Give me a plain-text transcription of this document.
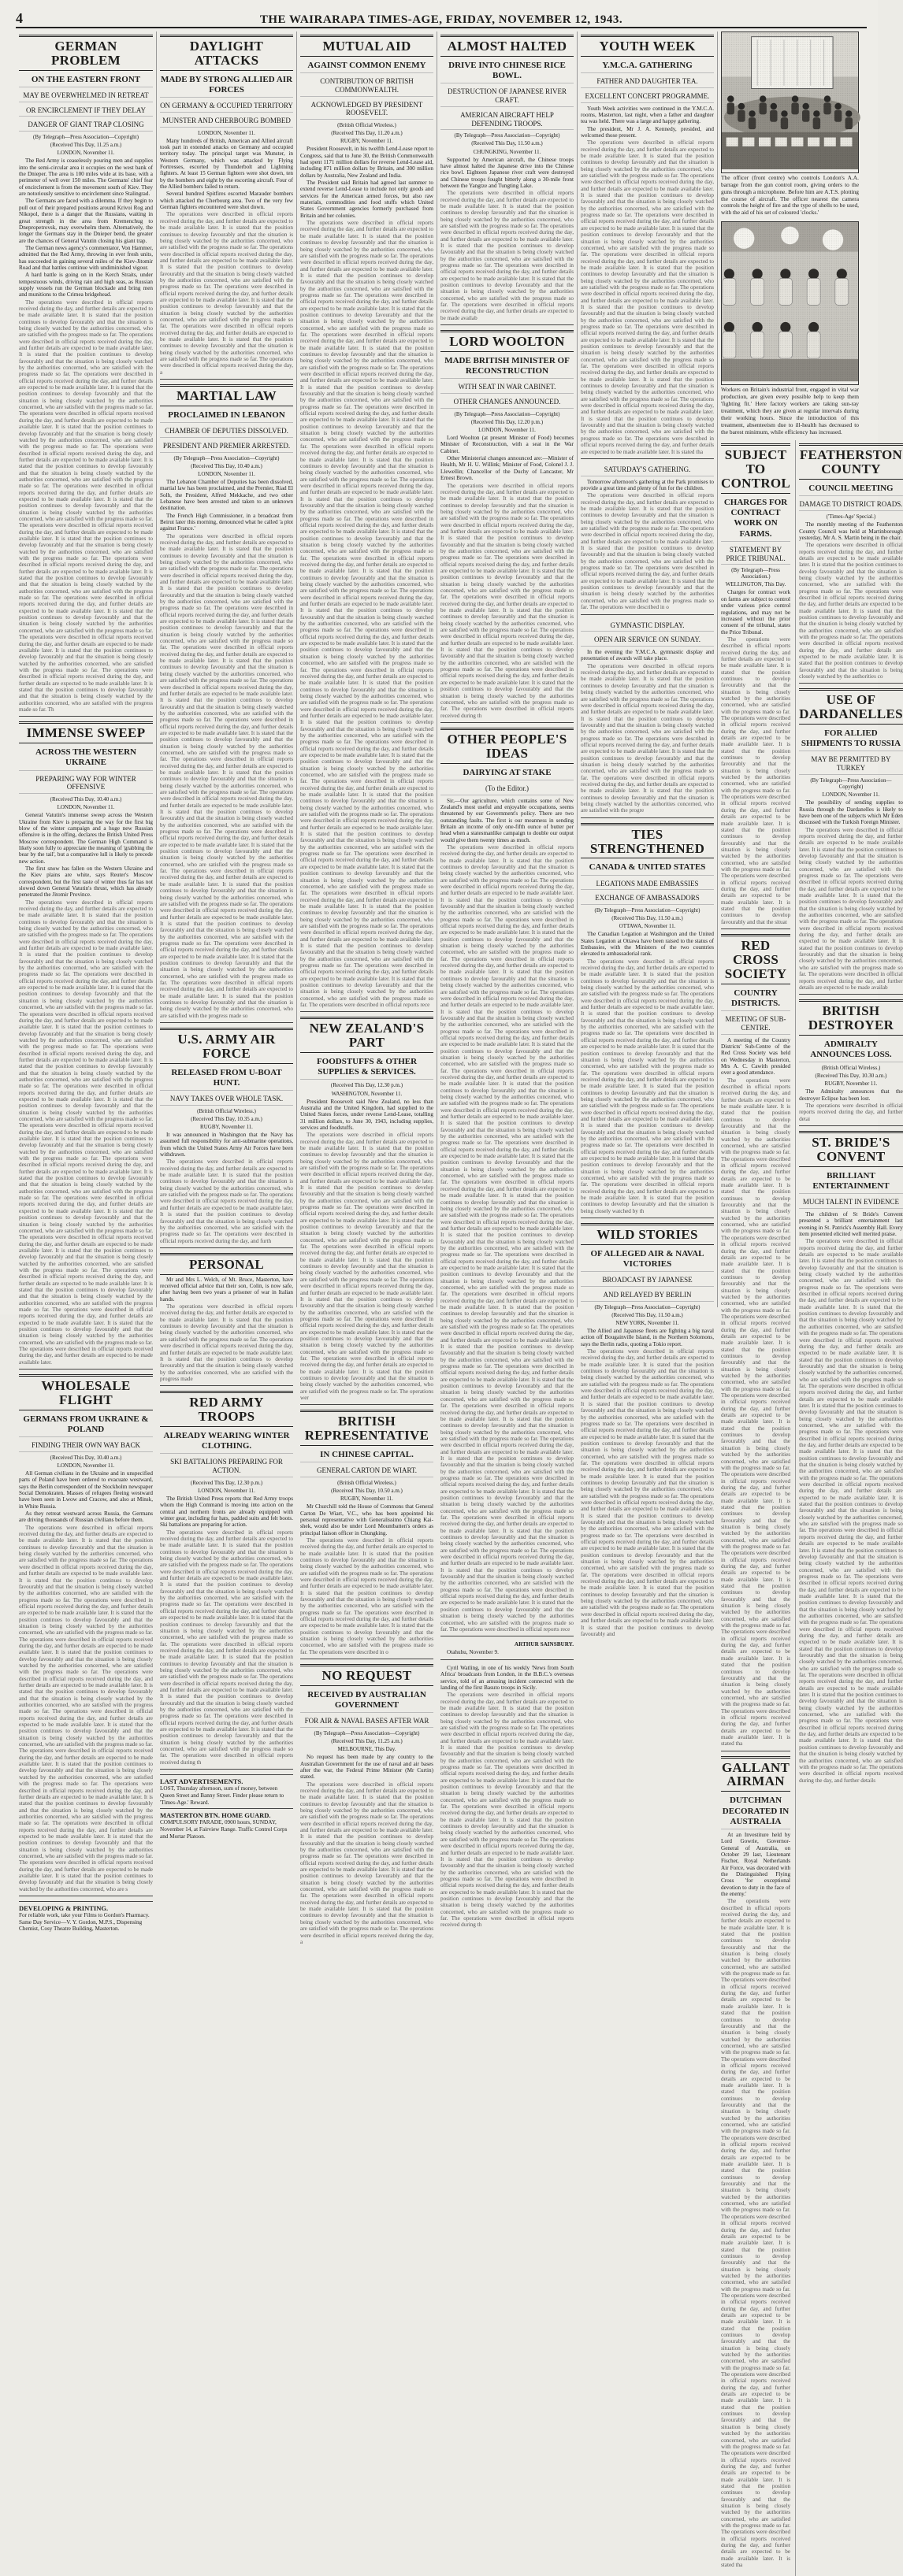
4	THE WAIRARAPA TIMES-AGE, FRIDAY, NOVEMBER 12, 1943.
GERMAN PROBLEM
ON THE EASTERN FRONT
MAY BE OVERWHELMED IN RETREAT
OR ENCIRCLEMENT IF THEY DELAY
DANGER OF GIANT TRAP CLOSING
(By Telegraph—Press Association—Copyright)
(Received This Day, 11.25 a.m.)
LONDON, November 11.

The Red Army is ceaselessly pouring men and supplies into the semi-circular area it occupies on the west bank of the Dnieper. The area is 100 miles wide at its base, with a perimeter of well over 150 miles. The Germans' chief fear of encirclement is from the movement south of Kiev. They are notoriously sensitive to encirclement since Stalingrad.

The Germans are faced with a dilemma. If they begin to pull out of their prepared positions around Krivoi Rog and Nikopol, there is a danger that the Russians, waiting in great strength in the area from Kremenchug to Dnepropetrovsk, may overwhelm them. Alternatively, the longer the Germans stay in the Dnieper bend, the greater are the chances of General Vatutin closing his giant trap.

The German news agency's commentator, Von Hammer, admitted that the Red Army, throwing in ever fresh units, has succeeded in gaining several miles of the Kiev-Jitomir Road and that battles continue with undiminished vigour.

A hard battle is going on in the Kerch Straits, under tempestuous winds, driving rain and high seas, as Russian supply vessels run the German blockade and bring men and munitions to the Crimea bridgehead.

The operations were described in official reports received during the day, and further details are expected to be made available later. It is stated that the position continues to develop favourably and that the situation is being closely watched by the authorities concerned, who are satisfied with the progress made so far. The operations were described in official reports received during the day, and further details are expected to be made available later. It is stated that the position continues to develop favourably and that the situation is being closely watched by the authorities concerned, who are satisfied with the progress made so far. The operations were described in official reports received during the day, and further details are expected to be made available later. It is stated that the position continues to develop favourably and that the situation is being closely watched by the authorities concerned, who are satisfied with the progress made so far. The operations were described in official reports received during the day, and further details are expected to be made available later. It is stated that the position continues to develop favourably and that the situation is being closely watched by the authorities concerned, who are satisfied with the progress made so far. The operations were described in official reports received during the day, and further details are expected to be made available later. It is stated that the position continues to develop favourably and that the situation is being closely watched by the authorities concerned, who are satisfied with the progress made so far. The operations were described in official reports received during the day, and further details are expected to be made available later. It is stated that the position continues to develop favourably and that the situation is being closely watched by the authorities concerned, who are satisfied with the progress made so far. The operations were described in official reports received during the day, and further details are expected to be made available later. It is stated that the position continues to develop favourably and that the situation is being closely watched by the authorities concerned, who are satisfied with the progress made so far. The operations were described in official reports received during the day, and further details are expected to be made available later. It is stated that the position continues to develop favourably and that the situation is being closely watched by the authorities concerned, who are satisfied with the progress made so far. The operations were described in official reports received during the day, and further details are expected to be made available later. It is stated that the position continues to develop favourably and that the situation is being closely watched by the authorities concerned, who are satisfied with the progress made so far. The operations were described in official reports received during the day, and further details are expected to be made available later. It is stated that the position continues to develop favourably and that the situation is being closely watched by the authorities concerned, who are satisfied with the progress made so far. The operations were described in official reports received during the day, and further details are expected to be made available later. It is stated that the position continues to develop favourably and that the situation is being closely watched by the authorities concerned, who are satisfied with the progress made so far. Th
IMMENSE SWEEP
ACROSS THE WESTERN UKRAINE
PREPARING WAY FOR WINTER OFFENSIVE
(Received This Day, 10.40 a.m.)
LONDON, November 11.

General Vatutin's immense sweep across the Western Ukraine from Kiev is preparing the way for the first big blow of the winter campaign and a huge new Russian offensive is in the offing, declares the British United Press Moscow correspondent. The German High Command is likely soon fully to appreciate the meaning of 'grabbing the bear by the tail', but a comparative lull is likely to precede new action.

The first snow has fallen on the Western Ukraine and the Kiev plains are white, says Reuter's Moscow correspondent, but the first taste of winter thus far has not slowed down General Vatutin's thrust, which has already penetrated the Jitomir Province.

The operations were described in official reports received during the day, and further details are expected to be made available later. It is stated that the position continues to develop favourably and that the situation is being closely watched by the authorities concerned, who are satisfied with the progress made so far. The operations were described in official reports received during the day, and further details are expected to be made available later. It is stated that the position continues to develop favourably and that the situation is being closely watched by the authorities concerned, who are satisfied with the progress made so far. The operations were described in official reports received during the day, and further details are expected to be made available later. It is stated that the position continues to develop favourably and that the situation is being closely watched by the authorities concerned, who are satisfied with the progress made so far. The operations were described in official reports received during the day, and further details are expected to be made available later. It is stated that the position continues to develop favourably and that the situation is being closely watched by the authorities concerned, who are satisfied with the progress made so far. The operations were described in official reports received during the day, and further details are expected to be made available later. It is stated that the position continues to develop favourably and that the situation is being closely watched by the authorities concerned, who are satisfied with the progress made so far. The operations were described in official reports received during the day, and further details are expected to be made available later. It is stated that the position continues to develop favourably and that the situation is being closely watched by the authorities concerned, who are satisfied with the progress made so far. The operations were described in official reports received during the day, and further details are expected to be made available later. It is stated that the position continues to develop favourably and that the situation is being closely watched by the authorities concerned, who are satisfied with the progress made so far. The operations were described in official reports received during the day, and further details are expected to be made available later. It is stated that the position continues to develop favourably and that the situation is being closely watched by the authorities concerned, who are satisfied with the progress made so far. The operations were described in official reports received during the day, and further details are expected to be made available later. It is stated that the position continues to develop favourably and that the situation is being closely watched by the authorities concerned, who are satisfied with the progress made so far. The operations were described in official reports received during the day, and further details are expected to be made available later. It is stated that the position continues to develop favourably and that the situation is being closely watched by the authorities concerned, who are satisfied with the progress made so far. The operations were described in official reports received during the day, and further details are expected to be made available later. It is stated that the position continues to develop favourably and that the situation is being closely watched by the authorities concerned, who are satisfied with the progress made so far. The operations were described in official reports received during the day, and further details are expected to be made available later. It is stated that the position continues to develop favourably and that the situation is being closely watched by the authorities concerned, who are satisfied with the progress made so far. The operations were described in official reports received during the day, and further details are expected to be made available later.
WHOLESALE FLIGHT
GERMANS FROM UKRAINE & POLAND
FINDING THEIR OWN WAY BACK
(Received This Day, 10.40 a.m.)
LONDON, November 11.

All German civilians in the Ukraine and in unspecified parts of Poland have been ordered to evacuate westward, says the Berlin correspondent of the Stockholm newspaper Social Demokraten. Masses of refugees fleeing westward have been seen in Lwow and Cracow, and also at Minsk, in White Russia.

As they retreat westward across Russia, the Germans are driving thousands of Russian civilians before them.

The operations were described in official reports received during the day, and further details are expected to be made available later. It is stated that the position continues to develop favourably and that the situation is being closely watched by the authorities concerned, who are satisfied with the progress made so far. The operations were described in official reports received during the day, and further details are expected to be made available later. It is stated that the position continues to develop favourably and that the situation is being closely watched by the authorities concerned, who are satisfied with the progress made so far. The operations were described in official reports received during the day, and further details are expected to be made available later. It is stated that the position continues to develop favourably and that the situation is being closely watched by the authorities concerned, who are satisfied with the progress made so far. The operations were described in official reports received during the day, and further details are expected to be made available later. It is stated that the position continues to develop favourably and that the situation is being closely watched by the authorities concerned, who are satisfied with the progress made so far. The operations were described in official reports received during the day, and further details are expected to be made available later. It is stated that the position continues to develop favourably and that the situation is being closely watched by the authorities concerned, who are satisfied with the progress made so far. The operations were described in official reports received during the day, and further details are expected to be made available later. It is stated that the position continues to develop favourably and that the situation is being closely watched by the authorities concerned, who are satisfied with the progress made so far. The operations were described in official reports received during the day, and further details are expected to be made available later. It is stated that the position continues to develop favourably and that the situation is being closely watched by the authorities concerned, who are satisfied with the progress made so far. The operations were described in official reports received during the day, and further details are expected to be made available later. It is stated that the position continues to develop favourably and that the situation is being closely watched by the authorities concerned, who are satisfied with the progress made so far. The operations were described in official reports received during the day, and further details are expected to be made available later. It is stated that the position continues to develop favourably and that the situation is being closely watched by the authorities concerned, who are satisfied with the progress made so far. The operations were described in official reports received during the day, and further details are expected to be made available later. It is stated that the position continues to develop favourably and that the situation is being closely watched by the authorities concerned, who are s
DEVELOPING & PRINTING.
For reliable work, take your Films to Gordon's Pharmacy. Same Day Service—V. Y. Gordon, M.P.S., Dispensing Chemist, Cosy Theatre Building, Masterton.
DAYLIGHT ATTACKS
MADE BY STRONG ALLIED AIR FORCES
ON GERMANY & OCCUPIED TERRITORY
MUNSTER AND CHERBOURG BOMBED
LONDON, November 11.

Many hundreds of British, American and Allied aircraft took part in extended attacks on Germany and occupied territory today. The principal target was Munster, in Western Germany, which was attacked by Flying Fortresses, escorted by Thunderbolt and Lightning fighters. At least 15 German fighters were shot down, ten by the bombers and eight by the escorting aircraft. Four of the Allied bombers failed to return.

Several hundred Spitfires escorted Marauder bombers which attacked the Cherbourg area. Two of the very few German fighters encountered were shot down.

The operations were described in official reports received during the day, and further details are expected to be made available later. It is stated that the position continues to develop favourably and that the situation is being closely watched by the authorities concerned, who are satisfied with the progress made so far. The operations were described in official reports received during the day, and further details are expected to be made available later. It is stated that the position continues to develop favourably and that the situation is being closely watched by the authorities concerned, who are satisfied with the progress made so far. The operations were described in official reports received during the day, and further details are expected to be made available later. It is stated that the position continues to develop favourably and that the situation is being closely watched by the authorities concerned, who are satisfied with the progress made so far. The operations were described in official reports received during the day, and further details are expected to be made available later. It is stated that the position continues to develop favourably and that the situation is being closely watched by the authorities concerned, who are satisfied with the progress made so far. The operations were described in official reports received during the day, a
MARTIAL LAW
PROCLAIMED IN LEBANON
CHAMBER OF DEPUTIES DISSOLVED.
PRESIDENT AND PREMIER ARRESTED.
(By Telegraph—Press Association—Copyright)
(Received This Day, 10.40 a.m.)
LONDON, November 11.

The Lebanon Chamber of Deputies has been dissolved, martial law has been proclaimed, and the Premier, Riad El Solh, the President, Alfred Mekkache, and two other Lebanese have been arrested and taken to an unknown destination.

The French High Commissioner, in a broadcast from Beirut later this morning, denounced what he called 'a plot against France.'

The operations were described in official reports received during the day, and further details are expected to be made available later. It is stated that the position continues to develop favourably and that the situation is being closely watched by the authorities concerned, who are satisfied with the progress made so far. The operations were described in official reports received during the day, and further details are expected to be made available later. It is stated that the position continues to develop favourably and that the situation is being closely watched by the authorities concerned, who are satisfied with the progress made so far. The operations were described in official reports received during the day, and further details are expected to be made available later. It is stated that the position continues to develop favourably and that the situation is being closely watched by the authorities concerned, who are satisfied with the progress made so far. The operations were described in official reports received during the day, and further details are expected to be made available later. It is stated that the position continues to develop favourably and that the situation is being closely watched by the authorities concerned, who are satisfied with the progress made so far. The operations were described in official reports received during the day, and further details are expected to be made available later. It is stated that the position continues to develop favourably and that the situation is being closely watched by the authorities concerned, who are satisfied with the progress made so far. The operations were described in official reports received during the day, and further details are expected to be made available later. It is stated that the position continues to develop favourably and that the situation is being closely watched by the authorities concerned, who are satisfied with the progress made so far. The operations were described in official reports received during the day, and further details are expected to be made available later. It is stated that the position continues to develop favourably and that the situation is being closely watched by the authorities concerned, who are satisfied with the progress made so far. The operations were described in official reports received during the day, and further details are expected to be made available later. It is stated that the position continues to develop favourably and that the situation is being closely watched by the authorities concerned, who are satisfied with the progress made so far. The operations were described in official reports received during the day, and further details are expected to be made available later. It is stated that the position continues to develop favourably and that the situation is being closely watched by the authorities concerned, who are satisfied with the progress made so far. The operations were described in official reports received during the day, and further details are expected to be made available later. It is stated that the position continues to develop favourably and that the situation is being closely watched by the authorities concerned, who are satisfied with the progress made so far. The operations were described in official reports received during the day, and further details are expected to be made available later. It is stated that the position continues to develop favourably and that the situation is being closely watched by the authorities concerned, who are satisfied with the progress made so far. The operations were described in official reports received during the day, and further details are expected to be made available later. It is stated that the position continues to develop favourably and that the situation is being closely watched by the authorities concerned, who are satisfied with the progress made so far. The operations were described in official reports received during the day, and further details are expected to be made available later. It is stated that the position continues to develop favourably and that the situation is being closely watched by the authorities concerned, who are satisfied with the progress made so
U.S. ARMY AIR FORCE
RELEASED FROM U-BOAT HUNT.
NAVY TAKES OVER WHOLE TASK.
(British Official Wireless.)
(Received This Day, 10.35 a.m.)
RUGBY, November 11.

It was announced in Washington that the Navy has assumed full responsibility for anti-submarine operations, from which the United States Army Air Forces have been withdrawn.

The operations were described in official reports received during the day, and further details are expected to be made available later. It is stated that the position continues to develop favourably and that the situation is being closely watched by the authorities concerned, who are satisfied with the progress made so far. The operations were described in official reports received during the day, and further details are expected to be made available later. It is stated that the position continues to develop favourably and that the situation is being closely watched by the authorities concerned, who are satisfied with the progress made so far. The operations were described in official reports received during the day, and furth
PERSONAL

Mr and Mrs L. Welch, of Mt. Bruce, Masterton, have received official advice that their son, Colin, is now safe, after having been two years a prisoner of war in Italian hands.

The operations were described in official reports received during the day, and further details are expected to be made available later. It is stated that the position continues to develop favourably and that the situation is being closely watched by the authorities concerned, who are satisfied with the progress made so far. The operations were described in official reports received during the day, and further details are expected to be made available later. It is stated that the position continues to develop favourably and that the situation is being closely watched by the authorities concerned, who are satisfied with the progress made
RED ARMY TROOPS
ALREADY WEARING WINTER CLOTHING.
SKI BATTALIONS PREPARING FOR ACTION.
(Received This Day, 12.30 p.m.)
LONDON, November 11.

The British United Press reports that Red Army troops whom the High Command is moving into action on the central and northern fronts are already equipped with winter gear, including fur hats, padded suits and felt boots. Ski battalions are preparing for action.

The operations were described in official reports received during the day, and further details are expected to be made available later. It is stated that the position continues to develop favourably and that the situation is being closely watched by the authorities concerned, who are satisfied with the progress made so far. The operations were described in official reports received during the day, and further details are expected to be made available later. It is stated that the position continues to develop favourably and that the situation is being closely watched by the authorities concerned, who are satisfied with the progress made so far. The operations were described in official reports received during the day, and further details are expected to be made available later. It is stated that the position continues to develop favourably and that the situation is being closely watched by the authorities concerned, who are satisfied with the progress made so far. The operations were described in official reports received during the day, and further details are expected to be made available later. It is stated that the position continues to develop favourably and that the situation is being closely watched by the authorities concerned, who are satisfied with the progress made so far. The operations were described in official reports received during the day, and further details are expected to be made available later. It is stated that the position continues to develop favourably and that the situation is being closely watched by the authorities concerned, who are satisfied with the progress made so far. The operations were described in official reports received during the day, and further details are expected to be made available later. It is stated that the position continues to develop favourably and that the situation is being closely watched by the authorities concerned, who are satisfied with the progress made so far. The operations were described in official reports received during th
LAST ADVERTISEMENTS.
LOST, Thursday afternoon, sum of money, between Queen Street and Banny Street. Finder please return to 'Times-Age.' Reward.
MASTERTON BTN. HOME GUARD.
COMPULSORY PARADE, 0900 hours, SUNDAY, November 14, at Fairview Range. Traffic Control Corps and Mortar Platoon.
MUTUAL AID
AGAINST COMMON ENEMY
CONTRIBUTION OF BRITISH COMMONWEALTH.
ACKNOWLEDGED BY PRESIDENT ROOSEVELT.
(British Official Wireless.)
(Received This Day, 11.20 a.m.)
RUGBY, November 11.

President Roosevelt, in his twelfth Lend-Lease report to Congress, said that to June 30, the British Commonwealth had spent 1171 million dollars for reverse Lend-Lease aid, including 871 million dollars by Britain, and 300 million dollars by Australia, New Zealand and India.

The President said Britain had agreed last summer to extend reverse Lend-Lease to include not only goods and services for the American armed forces, but also raw materials, commodities and food stuffs which United States Government agencies formerly purchased from Britain and her colonies.

The operations were described in official reports received during the day, and further details are expected to be made available later. It is stated that the position continues to develop favourably and that the situation is being closely watched by the authorities concerned, who are satisfied with the progress made so far. The operations were described in official reports received during the day, and further details are expected to be made available later. It is stated that the position continues to develop favourably and that the situation is being closely watched by the authorities concerned, who are satisfied with the progress made so far. The operations were described in official reports received during the day, and further details are expected to be made available later. It is stated that the position continues to develop favourably and that the situation is being closely watched by the authorities concerned, who are satisfied with the progress made so far. The operations were described in official reports received during the day, and further details are expected to be made available later. It is stated that the position continues to develop favourably and that the situation is being closely watched by the authorities concerned, who are satisfied with the progress made so far. The operations were described in official reports received during the day, and further details are expected to be made available later. It is stated that the position continues to develop favourably and that the situation is being closely watched by the authorities concerned, who are satisfied with the progress made so far. The operations were described in official reports received during the day, and further details are expected to be made available later. It is stated that the position continues to develop favourably and that the situation is being closely watched by the authorities concerned, who are satisfied with the progress made so far. The operations were described in official reports received during the day, and further details are expected to be made available later. It is stated that the position continues to develop favourably and that the situation is being closely watched by the authorities concerned, who are satisfied with the progress made so far. The operations were described in official reports received during the day, and further details are expected to be made available later. It is stated that the position continues to develop favourably and that the situation is being closely watched by the authorities concerned, who are satisfied with the progress made so far. The operations were described in official reports received during the day, and further details are expected to be made available later. It is stated that the position continues to develop favourably and that the situation is being closely watched by the authorities concerned, who are satisfied with the progress made so far. The operations were described in official reports received during the day, and further details are expected to be made available later. It is stated that the position continues to develop favourably and that the situation is being closely watched by the authorities concerned, who are satisfied with the progress made so far. The operations were described in official reports received during the day, and further details are expected to be made available later. It is stated that the position continues to develop favourably and that the situation is being closely watched by the authorities concerned, who are satisfied with the progress made so far. The operations were described in official reports received during the day, and further details are expected to be made available later. It is stated that the position continues to develop favourably and that the situation is being closely watched by the authorities concerned, who are satisfied with the progress made so far. The operations were described in official reports received during the day, and further details are expected to be made available later. It is stated that the position continues to develop favourably and that the situation is being closely watched by the authorities concerned, who are satisfied with the progress made so far. The operations were described in official reports received during the day, and further details are expected to be made available later. It is stated that the position continues to develop favourably and that the situation is being closely watched by the authorities concerned, who are satisfied with the progress made so far. The operations were described in official reports received during the day, and further details are expected to be made available later. It is stated that the position continues to develop favourably and that the situation is being closely watched by the authorities concerned, who are satisfied with the progress made so far. The operations were described in official reports received during the day, and further details are expected to be made available later. It is stated that the position continues to develop favourably and that the situation is being closely watched by the authorities concerned, who are satisfied with the progress made so far. The operations were described in official reports received during the day, and further details are expected to be made available later. It is stated that the position continues to develop favourably and that the situation is being closely watched by the authorities concerned, who are satisfied with the progress made so far. The operations were described in official reports received during the day, and further details are expected to be made available later. It is stated that the position continues to develop favourably and that the situation is being closely watched by the authorities concerned, who are satisfied with the progress made so far. The operations were described in official reports received during the day, and further details are expected to be made available later. It is stated that the position continues to develop favourably and that the situation is being closely watched by the authorities concerned, who are satisfied with the progress made so far. The operations were described in official reports received during the day, and further details are expected to be made available later. It is stated that the position continues to develop favourably and that the situation is being closely watched by the authorities concerned, who are satisfied with the progress made so far. The operations were described in official reports received during the day, and further details are expected to be made available later. It is stated that the position continues to develop favourably and that the situation is being closely watched by the authorities concerned, who are satisfied with the progress made so far. The operations were described in official reports rece
NEW ZEALAND'S PART
FOODSTUFFS & OTHER SUPPLIES & SERVICES.
(Received This Day, 12.30 p.m.)
WASHINGTON, November 11.

President Roosevelt said New Zealand, no less than Australia and the United Kingdom, had supplied to the United States forces, under reverse Lend-Lease, totalling 31 million dollars, to June 30, 1943, including supplies, services and foodstuffs.

The operations were described in official reports received during the day, and further details are expected to be made available later. It is stated that the position continues to develop favourably and that the situation is being closely watched by the authorities concerned, who are satisfied with the progress made so far. The operations were described in official reports received during the day, and further details are expected to be made available later. It is stated that the position continues to develop favourably and that the situation is being closely watched by the authorities concerned, who are satisfied with the progress made so far. The operations were described in official reports received during the day, and further details are expected to be made available later. It is stated that the position continues to develop favourably and that the situation is being closely watched by the authorities concerned, who are satisfied with the progress made so far. The operations were described in official reports received during the day, and further details are expected to be made available later. It is stated that the position continues to develop favourably and that the situation is being closely watched by the authorities concerned, who are satisfied with the progress made so far. The operations were described in official reports received during the day, and further details are expected to be made available later. It is stated that the position continues to develop favourably and that the situation is being closely watched by the authorities concerned, who are satisfied with the progress made so far. The operations were described in official reports received during the day, and further details are expected to be made available later. It is stated that the position continues to develop favourably and that the situation is being closely watched by the authorities concerned, who are satisfied with the progress made so far. The operations were described in official reports received during the day, and further details are expected to be made available later. It is stated that the position continues to develop favourably and that the situation is being closely watched by the authorities concerned, who are satisfied with the progress made so far. The operations wer
BRITISH REPRESENTATIVE
IN CHINESE CAPITAL.
GENERAL CARTON DE WIART.
(British Official Wireless.)
(Received This Day, 10.50 a.m.)
RUGBY, November 11.

Mr Churchill told the House of Commons that General Carton De Wiart, V.C., who has been appointed his personal representative with Generalissimo Chiang Kai-shek, would also be under Lord Mountbatten's orders as principal liaison officer in Chungking.

The operations were described in official reports received during the day, and further details are expected to be made available later. It is stated that the position continues to develop favourably and that the situation is being closely watched by the authorities concerned, who are satisfied with the progress made so far. The operations were described in official reports received during the day, and further details are expected to be made available later. It is stated that the position continues to develop favourably and that the situation is being closely watched by the authorities concerned, who are satisfied with the progress made so far. The operations were described in official reports received during the day, and further details are expected to be made available later. It is stated that the position continues to develop favourably and that the situation is being closely watched by the authorities concerned, who are satisfied with the progress made so far. The operations were described in o
NO REQUEST
RECEIVED BY AUSTRALIAN GOVERNMENT
FOR AIR & NAVAL BASES AFTER WAR
(By Telegraph—Press Association—Copyright)
(Received This Day, 11.25 a.m.)
MELBOURNE, This Day.

No request has been made by any country to the Australian Government for the use of naval and air bases after the war, the Federal Prime Minister (Mr Curtin) stated.

The operations were described in official reports received during the day, and further details are expected to be made available later. It is stated that the position continues to develop favourably and that the situation is being closely watched by the authorities concerned, who are satisfied with the progress made so far. The operations were described in official reports received during the day, and further details are expected to be made available later. It is stated that the position continues to develop favourably and that the situation is being closely watched by the authorities concerned, who are satisfied with the progress made so far. The operations were described in official reports received during the day, and further details are expected to be made available later. It is stated that the position continues to develop favourably and that the situation is being closely watched by the authorities concerned, who are satisfied with the progress made so far. The operations were described in official reports received during the day, and further details are expected to be made available later. It is stated that the position continues to develop favourably and that the situation is being closely watched by the authorities concerned, who are satisfied with the progress made so far. The operations were described in official reports received during the day, a
ALMOST HALTED
DRIVE INTO CHINESE RICE BOWL.
DESTRUCTION OF JAPANESE RIVER CRAFT.
AMERICAN AIRCRAFT HELP DEFENDING TROOPS.
(By Telegraph—Press Association—Copyright)
(Received This Day, 11.50 a.m.)
CHUNGKING, November 11.

Supported by American aircraft, the Chinese troops have almost halted the Japanese drive into the Chinese rice bowl. Eighteen Japanese river craft were destroyed and Chinese troops fought bitterly along a 30-mile front between the Yangtze and Tungting Lake.

The operations were described in official reports received during the day, and further details are expected to be made available later. It is stated that the position continues to develop favourably and that the situation is being closely watched by the authorities concerned, who are satisfied with the progress made so far. The operations were described in official reports received during the day, and further details are expected to be made available later. It is stated that the position continues to develop favourably and that the situation is being closely watched by the authorities concerned, who are satisfied with the progress made so far. The operations were described in official reports received during the day, and further details are expected to be made available later. It is stated that the position continues to develop favourably and that the situation is being closely watched by the authorities concerned, who are satisfied with the progress made so far. The operations were described in official reports received during the day, and further details are expected to be made availab
LORD WOOLTON
MADE BRITISH MINISTER OF RECONSTRUCTION
WITH SEAT IN WAR CABINET.
OTHER CHANGES ANNOUNCED.
(By Telegraph—Press Association—Copyright)
(Received This Day, 12.20 p.m.)
LONDON, November 11.

Lord Woolton (at present Minister of Food) becomes Minister of Reconstruction, with a seat in the War Cabinet.

Other Ministerial changes announced are:—Minister of Health, Mr H. U. Willink; Minister of Food, Colonel J. J. Llewellin; Chancellor of the Duchy of Lancaster, Mr Ernest Brown.

The operations were described in official reports received during the day, and further details are expected to be made available later. It is stated that the position continues to develop favourably and that the situation is being closely watched by the authorities concerned, who are satisfied with the progress made so far. The operations were described in official reports received during the day, and further details are expected to be made available later. It is stated that the position continues to develop favourably and that the situation is being closely watched by the authorities concerned, who are satisfied with the progress made so far. The operations were described in official reports received during the day, and further details are expected to be made available later. It is stated that the position continues to develop favourably and that the situation is being closely watched by the authorities concerned, who are satisfied with the progress made so far. The operations were described in official reports received during the day, and further details are expected to be made available later. It is stated that the position continues to develop favourably and that the situation is being closely watched by the authorities concerned, who are satisfied with the progress made so far. The operations were described in official reports received during the day, and further details are expected to be made available later. It is stated that the position continues to develop favourably and that the situation is being closely watched by the authorities concerned, who are satisfied with the progress made so far. The operations were described in official reports received during the day, and further details are expected to be made available later. It is stated that the position continues to develop favourably and that the situation is being closely watched by the authorities concerned, who are satisfied with the progress made so far. The operations were described in official reports received during th
OTHER PEOPLE'S IDEAS
DAIRYING AT STAKE
(To the Editor.)

Sir,—Our agriculture, which contains some of New Zealand's most useful and enjoyable occupations, seems threatened by our Government's policy. There are two outstanding faults. The first is our meanness in sending Britain an income of only one-fifth ounce of butter per head when a statesmanlike campaign to double our output would give them twenty times as much.

The operations were described in official reports received during the day, and further details are expected to be made available later. It is stated that the position continues to develop favourably and that the situation is being closely watched by the authorities concerned, who are satisfied with the progress made so far. The operations were described in official reports received during the day, and further details are expected to be made available later. It is stated that the position continues to develop favourably and that the situation is being closely watched by the authorities concerned, who are satisfied with the progress made so far. The operations were described in official reports received during the day, and further details are expected to be made available later. It is stated that the position continues to develop favourably and that the situation is being closely watched by the authorities concerned, who are satisfied with the progress made so far. The operations were described in official reports received during the day, and further details are expected to be made available later. It is stated that the position continues to develop favourably and that the situation is being closely watched by the authorities concerned, who are satisfied with the progress made so far. The operations were described in official reports received during the day, and further details are expected to be made available later. It is stated that the position continues to develop favourably and that the situation is being closely watched by the authorities concerned, who are satisfied with the progress made so far. The operations were described in official reports received during the day, and further details are expected to be made available later. It is stated that the position continues to develop favourably and that the situation is being closely watched by the authorities concerned, who are satisfied with the progress made so far. The operations were described in official reports received during the day, and further details are expected to be made available later. It is stated that the position continues to develop favourably and that the situation is being closely watched by the authorities concerned, who are satisfied with the progress made so far. The operations were described in official reports received during the day, and further details are expected to be made available later. It is stated that the position continues to develop favourably and that the situation is being closely watched by the authorities concerned, who are satisfied with the progress made so far. The operations were described in official reports received during the day, and further details are expected to be made available later. It is stated that the position continues to develop favourably and that the situation is being closely watched by the authorities concerned, who are satisfied with the progress made so far. The operations were described in official reports received during the day, and further details are expected to be made available later. It is stated that the position continues to develop favourably and that the situation is being closely watched by the authorities concerned, who are satisfied with the progress made so far. The operations were described in official reports received during the day, and further details are expected to be made available later. It is stated that the position continues to develop favourably and that the situation is being closely watched by the authorities concerned, who are satisfied with the progress made so far. The operations were described in official reports received during the day, and further details are expected to be made available later. It is stated that the position continues to develop favourably and that the situation is being closely watched by the authorities concerned, who are satisfied with the progress made so far. The operations were described in official reports received during the day, and further details are expected to be made available later. It is stated that the position continues to develop favourably and that the situation is being closely watched by the authorities concerned, who are satisfied with the progress made so far. The operations were described in official reports received during the day, and further details are expected to be made available later. It is stated that the position continues to develop favourably and that the situation is being closely watched by the authorities concerned, who are satisfied with the progress made so far. The operations were described in official reports received during the day, and further details are expected to be made available later. It is stated that the position continues to develop favourably and that the situation is being closely watched by the authorities concerned, who are satisfied with the progress made so far. The operations were described in official reports received during the day, and further details are expected to be made available later. It is stated that the position continues to develop favourably and that the situation is being closely watched by the authorities concerned, who are satisfied with the progress made so far. The operations were described in official reports received during the day, and further details are expected to be made available later. It is stated that the position continues to develop favourably and that the situation is being closely watched by the authorities concerned, who are satisfied with the progress made so far. The operations were described in official reports received during the day, and further details are expected to be made available later. It is stated that the position continues to develop favourably and that the situation is being closely watched by the authorities concerned, who are satisfied with the progress made so far. The operations were described in official reports received during the day, and further details are expected to be made available later. It is stated that the position continues to develop favourably and that the situation is being closely watched by the authorities concerned, who are satisfied with the progress made so far. The operations were described in official reports received during the day, and further details are expected to be made available later. It is stated that the position continues to develop favourably and that the situation is being closely watched by the authorities concerned, who are satisfied with the progress made so far. The operations were described in official reports received during the day, and further details are expected to be made available later. It is stated that the position continues to develop favourably and that the situation is being closely watched by the authorities concerned, who are satisfied with the progress made so far. The operations were described in official reports rece
ARTHUR SAINSBURY.
Otahuhu, November 9.

Cyril Watling, in one of his weekly 'News from South Africa' broadcasts from London, in the B.B.C.'s overseas service, told of an amusing incident connected with the landing of the first Basuto troops in Sicily.

The operations were described in official reports received during the day, and further details are expected to be made available later. It is stated that the position continues to develop favourably and that the situation is being closely watched by the authorities concerned, who are satisfied with the progress made so far. The operations were described in official reports received during the day, and further details are expected to be made available later. It is stated that the position continues to develop favourably and that the situation is being closely watched by the authorities concerned, who are satisfied with the progress made so far. The operations were described in official reports received during the day, and further details are expected to be made available later. It is stated that the position continues to develop favourably and that the situation is being closely watched by the authorities concerned, who are satisfied with the progress made so far. The operations were described in official reports received during the day, and further details are expected to be made available later. It is stated that the position continues to develop favourably and that the situation is being closely watched by the authorities concerned, who are satisfied with the progress made so far. The operations were described in official reports received during the day, and further details are expected to be made available later. It is stated that the position continues to develop favourably and that the situation is being closely watched by the authorities concerned, who are satisfied with the progress made so far. The operations were described in official reports received during the day, and further details are expected to be made available later. It is stated that the position continues to develop favourably and that the situation is being closely watched by the authorities concerned, who are satisfied with the progress made so far. The operations were described in official reports received during th
YOUTH WEEK
Y.M.C.A. GATHERING
FATHER AND DAUGHTER TEA.
EXCELLENT CONCERT PROGRAMME.

Youth Week activities were continued in the Y.M.C.A. rooms, Masterton, last night, when a father and daughter tea was held. There was a large and happy gathering.

The president, Mr J. A. Kennedy, presided, and welcomed those present.

The operations were described in official reports received during the day, and further details are expected to be made available later. It is stated that the position continues to develop favourably and that the situation is being closely watched by the authorities concerned, who are satisfied with the progress made so far. The operations were described in official reports received during the day, and further details are expected to be made available later. It is stated that the position continues to develop favourably and that the situation is being closely watched by the authorities concerned, who are satisfied with the progress made so far. The operations were described in official reports received during the day, and further details are expected to be made available later. It is stated that the position continues to develop favourably and that the situation is being closely watched by the authorities concerned, who are satisfied with the progress made so far. The operations were described in official reports received during the day, and further details are expected to be made available later. It is stated that the position continues to develop favourably and that the situation is being closely watched by the authorities concerned, who are satisfied with the progress made so far. The operations were described in official reports received during the day, and further details are expected to be made available later. It is stated that the position continues to develop favourably and that the situation is being closely watched by the authorities concerned, who are satisfied with the progress made so far. The operations were described in official reports received during the day, and further details are expected to be made available later. It is stated that the position continues to develop favourably and that the situation is being closely watched by the authorities concerned, who are satisfied with the progress made so far. The operations were described in official reports received during the day, and further details are expected to be made available later. It is stated that the position continues to develop favourably and that the situation is being closely watched by the authorities concerned, who are satisfied with the progress made so far. The operations were described in official reports received during the day, and further details are expected to be made available later. It is stated that the position continues to develop favourably and that the situation is being closely watched by the authorities concerned, who are satisfied with the progress made so far. The operations were described in official reports received during the day, and further details are expected to be made available later. It is stated tha
SATURDAY'S GATHERING.

Tomorrow afternoon's gathering at the Park promises to provide a great time and plenty of fun for the children.

The operations were described in official reports received during the day, and further details are expected to be made available later. It is stated that the position continues to develop favourably and that the situation is being closely watched by the authorities concerned, who are satisfied with the progress made so far. The operations were described in official reports received during the day, and further details are expected to be made available later. It is stated that the position continues to develop favourably and that the situation is being closely watched by the authorities concerned, who are satisfied with the progress made so far. The operations were described in official reports received during the day, and further details are expected to be made available later. It is stated that the position continues to develop favourably and that the situation is being closely watched by the authorities concerned, who are satisfied with the progress made so far. The operations were described in o
GYMNASTIC DISPLAY.
OPEN AIR SERVICE ON SUNDAY.

In the evening the Y.M.C.A. gymnastic display and presentation of awards will take place.

The operations were described in official reports received during the day, and further details are expected to be made available later. It is stated that the position continues to develop favourably and that the situation is being closely watched by the authorities concerned, who are satisfied with the progress made so far. The operations were described in official reports received during the day, and further details are expected to be made available later. It is stated that the position continues to develop favourably and that the situation is being closely watched by the authorities concerned, who are satisfied with the progress made so far. The operations were described in official reports received during the day, and further details are expected to be made available later. It is stated that the position continues to develop favourably and that the situation is being closely watched by the authorities concerned, who are satisfied with the progress made so far. The operations were described in official reports received during the day, and further details are expected to be made available later. It is stated that the position continues to develop favourably and that the situation is being closely watched by the authorities concerned, who are satisfied with the progre
TIES STRENGTHENED
CANADA & UNITED STATES
LEGATIONS MADE EMBASSIES
EXCHANGE OF AMBASSADORS
(By Telegraph—Press Association—Copyright)
(Received This Day, 11.50 a.m.)
OTTAWA, November 11.

The Canadian Legation at Washington and the United States Legation at Ottawa have been raised to the status of Embassies, with the Ministers of the two countries elevated to ambassadorial rank.

The operations were described in official reports received during the day, and further details are expected to be made available later. It is stated that the position continues to develop favourably and that the situation is being closely watched by the authorities concerned, who are satisfied with the progress made so far. The operations were described in official reports received during the day, and further details are expected to be made available later. It is stated that the position continues to develop favourably and that the situation is being closely watched by the authorities concerned, who are satisfied with the progress made so far. The operations were described in official reports received during the day, and further details are expected to be made available later. It is stated that the position continues to develop favourably and that the situation is being closely watched by the authorities concerned, who are satisfied with the progress made so far. The operations were described in official reports received during the day, and further details are expected to be made available later. It is stated that the position continues to develop favourably and that the situation is being closely watched by the authorities concerned, who are satisfied with the progress made so far. The operations were described in official reports received during the day, and further details are expected to be made available later. It is stated that the position continues to develop favourably and that the situation is being closely watched by the authorities concerned, who are satisfied with the progress made so far. The operations were described in official reports received during the day, and further details are expected to be made available later. It is stated that the position continues to develop favourably and that the situation is being closely watched by the authorities concerned, who are satisfied with the progress made so far. The operations were described in official reports received during the day, and further details are expected to be made available later. It is stated that the position continues to develop favourably and that the situation is being closely watched by th
WILD STORIES
OF ALLEGED AIR & NAVAL VICTORIES
BROADCAST BY JAPANESE
AND RELAYED BY BERLIN
(By Telegraph—Press Association—Copyright)
(Received This Day, 11.50 a.m.)
NEW YORK, November 11.

The Allied and Japanese fleets are fighting a big naval action off Bougainville Island, in the Northern Solomons, says the Berlin radio, quoting a Tokio report.

The operations were described in official reports received during the day, and further details are expected to be made available later. It is stated that the position continues to develop favourably and that the situation is being closely watched by the authorities concerned, who are satisfied with the progress made so far. The operations were described in official reports received during the day, and further details are expected to be made available later. It is stated that the position continues to develop favourably and that the situation is being closely watched by the authorities concerned, who are satisfied with the progress made so far. The operations were described in official reports received during the day, and further details are expected to be made available later. It is stated that the position continues to develop favourably and that the situation is being closely watched by the authorities concerned, who are satisfied with the progress made so far. The operations were described in official reports received during the day, and further details are expected to be made available later. It is stated that the position continues to develop favourably and that the situation is being closely watched by the authorities concerned, who are satisfied with the progress made so far. The operations were described in official reports received during the day, and further details are expected to be made available later. It is stated that the position continues to develop favourably and that the situation is being closely watched by the authorities concerned, who are satisfied with the progress made so far. The operations were described in official reports received during the day, and further details are expected to be made available later. It is stated that the position continues to develop favourably and that the situation is being closely watched by the authorities concerned, who are satisfied with the progress made so far. The operations were described in official reports received during the day, and further details are expected to be made available later. It is stated that the position continues to develop favourably and that the situation is being closely watched by the authorities concerned, who are satisfied with the progress made so far. The operations were described in official reports received during the day, and further details are expected to be made available later. It is stated that the position continues to develop favourably and
The officer (front centre) who controls London's A.A. barrage from the gun control room, giving orders to the guns through a microphone. Before him are A.T.S. plotting the course of aircraft. The officer nearest the camera controls the height of fire and the type of shells to be used, with the aid of his set of coloured 'clocks.'
Workers on Britain's industrial front, engaged in vital war production, are given every possible help to keep them 'fighting fit.' Here factory workers are taking sun-ray treatment, which they are given at regular intervals during their working hours. Since the introduction of this treatment, absenteeism due to ill-health has decreased to the barest minimum, while efficiency has increased.
SUBJECT TO CONTROL
CHARGES FOR CONTRACT WORK ON FARMS.
STATEMENT BY PRICE TRIBUNAL.
(By Telegraph—Press Association.)
WELLINGTON, This Day.

Charges for contract work on farms are subject to control under various price control regulations, and may not be increased without the prior consent of the tribunal, states the Price Tribunal.

The operations were described in official reports received during the day, and further details are expected to be made available later. It is stated that the position continues to develop favourably and that the situation is being closely watched by the authorities concerned, who are satisfied with the progress made so far. The operations were described in official reports received during the day, and further details are expected to be made available later. It is stated that the position continues to develop favourably and that the situation is being closely watched by the authorities concerned, who are satisfied with the progress made so far. The operations were described in official reports received during the day, and further details are expected to be made available later. It is stated that the position continues to develop favourably and that the situation is being closely watched by the authorities concerned, who are satisfied with the progress made so far. The operations were described in official reports received during the day, and further details are expected to be made available later. It is stated that the position continues to develop favourably and that the situat
RED CROSS SOCIETY
COUNTRY DISTRICTS.
MEETING OF SUB-CENTRE.

A meeting of the Country Districts' Sub-Centre of the Red Cross Society was held on Wednesday in Masterton, Mrs A. C. Cawith presided over a good attendance.

The operations were described in official reports received during the day, and further details are expected to be made available later. It is stated that the position continues to develop favourably and that the situation is being closely watched by the authorities concerned, who are satisfied with the progress made so far. The operations were described in official reports received during the day, and further details are expected to be made available later. It is stated that the position continues to develop favourably and that the situation is being closely watched by the authorities concerned, who are satisfied with the progress made so far. The operations were described in official reports received during the day, and further details are expected to be made available later. It is stated that the position continues to develop favourably and that the situation is being closely watched by the authorities concerned, who are satisfied with the progress made so far. The operations were described in official reports received during the day, and further details are expected to be made available later. It is stated that the position continues to develop favourably and that the situation is being closely watched by the authorities concerned, who are satisfied with the progress made so far. The operations were described in official reports received during the day, and further details are expected to be made available later. It is stated that the position continues to develop favourably and that the situation is being closely watched by the authorities concerned, who are satisfied with the progress made so far. The operations were described in official reports received during the day, and further details are expected to be made available later. It is stated that the position continues to develop favourably and that the situation is being closely watched by the authorities concerned, who are satisfied with the progress made so far. The operations were described in official reports received during the day, and further details are expected to be made available later. It is stated that the position continues to develop favourably and that the situation is being closely watched by the authorities concerned, who are satisfied with the progress made so far. The operations were described in official reports received during the day, and further details are expected to be made available later. It is stated that the position continues to develop favourably and that the situation is being closely watched by the authorities concerned, who are satisfied with the progress made so far. The operations were described in official reports received during the day, and further details are expected to be made available later. It is stated tha
GALLANT AIRMAN
DUTCHMAN DECORATED IN AUSTRALIA

At an Investiture held by Lord Gowrie, Governor-General of Australia, on October 29 last, Lieutenant Fischer, Royal Netherlands Air Force, was decorated with the Distinguished Flying Cross 'for exceptional devotion to duty in the face of the enemy.'

The operations were described in official reports received during the day, and further details are expected to be made available later. It is stated that the position continues to develop favourably and that the situation is being closely watched by the authorities concerned, who are satisfied with the progress made so far. The operations were described in official reports received during the day, and further details are expected to be made available later. It is stated that the position continues to develop favourably and that the situation is being closely watched by the authorities concerned, who are satisfied with the progress made so far. The operations were described in official reports received during the day, and further details are expected to be made available later. It is stated that the position continues to develop favourably and that the situation is being closely watched by the authorities concerned, who are satisfied with the progress made so far. The operations were described in official reports received during the day, and further details are expected to be made available later. It is stated that the position continues to develop favourably and that the situation is being closely watched by the authorities concerned, who are satisfied with the progress made so far. The operations were described in official reports received during the day, and further details are expected to be made available later. It is stated that the position continues to develop favourably and that the situation is being closely watched by the authorities concerned, who are satisfied with the progress made so far. The operations were described in official reports received during the day, and further details are expected to be made available later. It is stated that the position continues to develop favourably and that the situation is being closely watched by the authorities concerned, who are satisfied with the progress made so far. The operations were described in official reports received during the day, and further details are expected to be made available later. It is stated that the position continues to develop favourably and that the situation is being closely watched by the authorities concerned, who are satisfied with the progress made so far. The operations were described in official reports received during the day, and further details are expected to be made available later. It is stated that the position continues to develop favourably and that the situation is being closely watched by the authorities concerned, who are satisfied with the progress made so far. The operations were described in official reports received during the day, and further details are expected to be made available later. It is stated tha
FEATHERSTON COUNTY
COUNCIL MEETING
DAMAGE TO DISTRICT ROADS.
('Times-Age' Special.)

The monthly meeting of the Featherston County Council was held at Martinborough yesterday, Mr A. S. Martin being in the chair.

The operations were described in official reports received during the day, and further details are expected to be made available later. It is stated that the position continues to develop favourably and that the situation is being closely watched by the authorities concerned, who are satisfied with the progress made so far. The operations were described in official reports received during the day, and further details are expected to be made available later. It is stated that the position continues to develop favourably and that the situation is being closely watched by the authorities concerned, who are satisfied with the progress made so far. The operations were described in official reports received during the day, and further details are expected to be made available later. It is stated that the position continues to develop favourably and that the situation is being closely watched by the authorities co
USE OF DARDANELLES
FOR ALLIED SHIPMENTS TO RUSSIA
MAY BE PERMITTED BY TURKEY
(By Telegraph—Press Association—Copyright)
LONDON, November 11.

The possibility of sending supplies to Russia through the Dardanelles is likely to have been one of the subjects which Mr Eden discussed with the Turkish Foreign Minister.

The operations were described in official reports received during the day, and further details are expected to be made available later. It is stated that the position continues to develop favourably and that the situation is being closely watched by the authorities concerned, who are satisfied with the progress made so far. The operations were described in official reports received during the day, and further details are expected to be made available later. It is stated that the position continues to develop favourably and that the situation is being closely watched by the authorities concerned, who are satisfied with the progress made so far. The operations were described in official reports received during the day, and further details are expected to be made available later. It is stated that the position continues to develop favourably and that the situation is being closely watched by the authorities concerned, who are satisfied with the progress made so far. The operations were described in official reports received during the day, and further details are expected to be made availab
BRITISH DESTROYER
ADMIRALTY ANNOUNCES LOSS.
(British Official Wireless.)
(Received This Day, 10.30 a.m.)
RUGBY, November 11.

The Admiralty announces that the destroyer Eclipse has been lost.

The operations were described in official reports received during the day, and further detai
ST. BRIDE'S CONVENT
BRILLIANT ENTERTAINMENT
MUCH TALENT IN EVIDENCE

The children of St Bride's Convent presented a brilliant entertainment last evening in St. Patrick's Assembly Hall. Every item presented elicited well merited praise.

The operations were described in official reports received during the day, and further details are expected to be made available later. It is stated that the position continues to develop favourably and that the situation is being closely watched by the authorities concerned, who are satisfied with the progress made so far. The operations were described in official reports received during the day, and further details are expected to be made available later. It is stated that the position continues to develop favourably and that the situation is being closely watched by the authorities concerned, who are satisfied with the progress made so far. The operations were described in official reports received during the day, and further details are expected to be made available later. It is stated that the position continues to develop favourably and that the situation is being closely watched by the authorities concerned, who are satisfied with the progress made so far. The operations were described in official reports received during the day, and further details are expected to be made available later. It is stated that the position continues to develop favourably and that the situation is being closely watched by the authorities concerned, who are satisfied with the progress made so far. The operations were described in official reports received during the day, and further details are expected to be made available later. It is stated that the position continues to develop favourably and that the situation is being closely watched by the authorities concerned, who are satisfied with the progress made so far. The operations were described in official reports received during the day, and further details are expected to be made available later. It is stated that the position continues to develop favourably and that the situation is being closely watched by the authorities concerned, who are satisfied with the progress made so far. The operations were described in official reports received during the day, and further details are expected to be made available later. It is stated that the position continues to develop favourably and that the situation is being closely watched by the authorities concerned, who are satisfied with the progress made so far. The operations were described in official reports received during the day, and further details are expected to be made available later. It is stated that the position continues to develop favourably and that the situation is being closely watched by the authorities concerned, who are satisfied with the progress made so far. The operations were described in official reports received during the day, and further details are expected to be made available later. It is stated that the position continues to develop favourably and that the situation is being closely watched by the authorities concerned, who are satisfied with the progress made so far. The operations were described in official reports received during the day, and further details are expected to be made available later. It is stated that the position continues to develop favourably and that the situation is being closely watched by the authorities concerned, who are satisfied with the progress made so far. The operations were described in official reports received during the day, and further details are expected to be made available later. It is stated that the position continues to develop favourably and that the situation is being closely watched by the authorities concerned, who are satisfied with the progress made so far. The operations were described in official reports received during the day, and further details
